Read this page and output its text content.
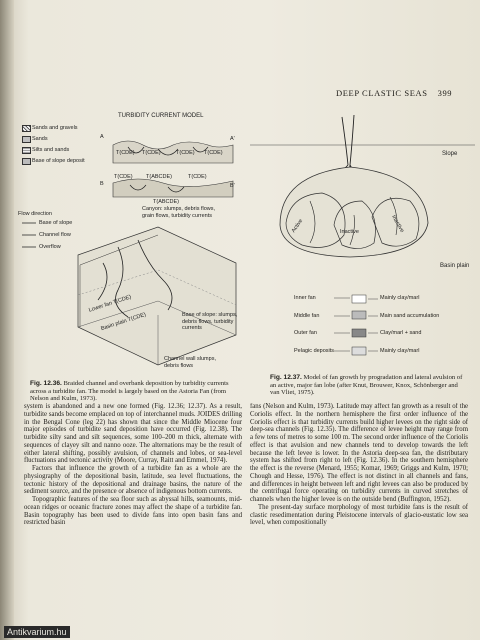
DEEP CLASTIC SEAS 399
TURBIDITY CURRENT MODEL
Sands and gravels
Sands
Silts and sands
Base of slope deposit
A	A'
T(CDE) T(CDE)	T(CDE) T(CDE)
B	B'
T(CDE) T(ABCDE)	T(CDE)
T(ABCDE)
Canyon: slumps, debris flows, grain flows, turbidity currents
Flow direction
Base of slope
Channel flow
Overflow
Lower fan T(CDE)
Basin plain T(CDE)	Base of slope: slumps, debris flows, turbidity currents
Channel wall slumps, debris flows
Fig. 12.36. Braided channel and overbank deposition by turbidity currents across a turbidite fan. The model is largely based on the Astoria Fan (from Nelson and Kulm, 1973).
Slope
Active	Inactive	Inactive
Basin plain
Inner fan
Middle fan
Outer fan
Pelagic deposits
Mainly clay/marl
Main sand accumulation
Clay/marl + sand
Mainly clay/marl
Fig. 12.37. Model of fan growth by progradation and lateral avulsion of an active, major fan lobe (after Knut, Brouwer, Knox, Schönberger and van Vliet, 1975).

system is abandoned and a new one formed (Fig. 12.36; 12.37). As a result, turbidite sands become emplaced on top of interchannel muds. JOIDES drilling in the Bengal Cone (leg 22) has shown that since the Middle Miocene four major episodes of turbidite sand deposition have occurred (Fig. 12.38). The turbidite silty sand and silt sequences, some 100–200 m thick, alternate with sequences of clayey silt and nanno ooze. The alternations may be the result of either lateral shifting, possibly avulsion, of channels and lobes, or sea-level fluctuations and tectonic activity (Moore, Curray, Raitt and Emmel, 1974).

Factors that influence the growth of a turbidite fan as a whole are the physiography of the depositional basin, latitude, sea level fluctuations, the tectonic history of the depositional and drainage basins, the nature of the sediment source, and the presence or absence of indigenous bottom currents.

Topographic features of the sea floor such as abyssal hills, seamounts, mid-ocean ridges or oceanic fracture zones may affect the shape of a turbidite fan. Basin topography has been used to divide fans into open basin fans and restricted basin

fans (Nelson and Kulm, 1973). Latitude may affect fan growth as a result of the Coriolis effect. In the northern hemisphere the first order influence of the Coriolis effect is that turbidity currents build higher levees on the right side of deep-sea channels (Fig. 12.35). The difference of levee height may range from a few tens of metres to some 100 m. The second order influence of the Coriolis effect is that avulsion and new channels tend to develop towards the left because the left levee is lower. In the Astoria deep-sea fan, the distributary system has shifted from right to left (Fig. 12.36). In the southern hemisphere the effect is the reverse (Menard, 1955; Komar, 1969; Griggs and Kulm, 1970; Chough and Hesse, 1976). The effect is not distinct in all channels and fans, and differences in height between left and right levees can also be produced by the centrifugal force operating on turbidity currents in curved stretches of channels when the higher levee is on the outside bend (Buffington, 1952).

The present-day surface morphology of most turbidite fans is the result of clastic resedimentation during Pleistocene intervals of glacio-eustatic low sea level, when compositionally

Antikvarium.hu
